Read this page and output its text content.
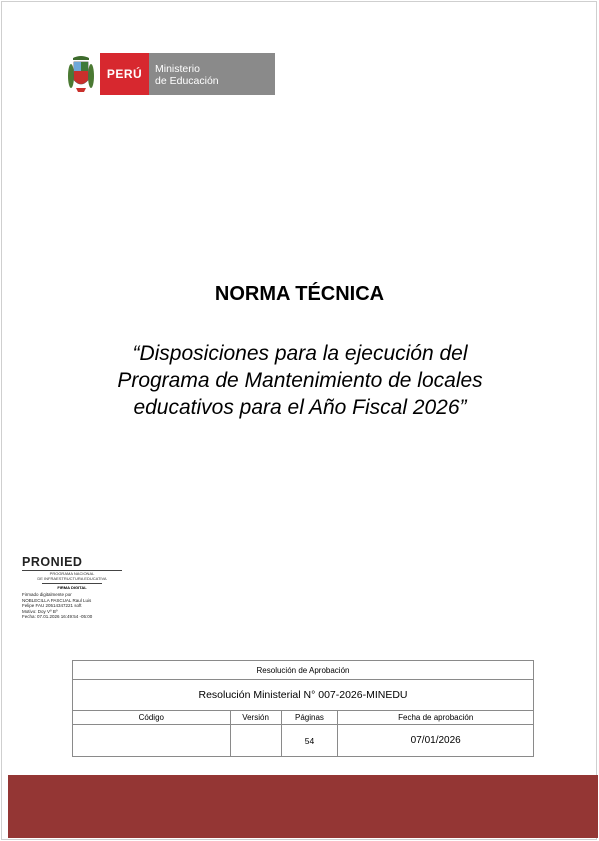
PERÚ	Ministerio
de Educación
NORMA TÉCNICA
“Disposiciones para la ejecución del
Programa de Mantenimiento de locales
educativos para el Año Fiscal 2026”
PRONIED
PROGRAMA NACIONAL
DE INFRAESTRUCTURA EDUCATIVA
FIRMA DIGITAL
Firmado digitalmente por
NOBLECILLA PASCUAL Raul Luis
Felipe FAU 20514347221 soft
Motivo: Doy Vº Bº
Fecha: 07.01.2026 16:49:54 -05:00
Resolución de Aprobación			
Resolución Ministerial N° 007-2026-MINEDU			
Código	Versión	Páginas	Fecha de aprobación
		54	07/01/2026
